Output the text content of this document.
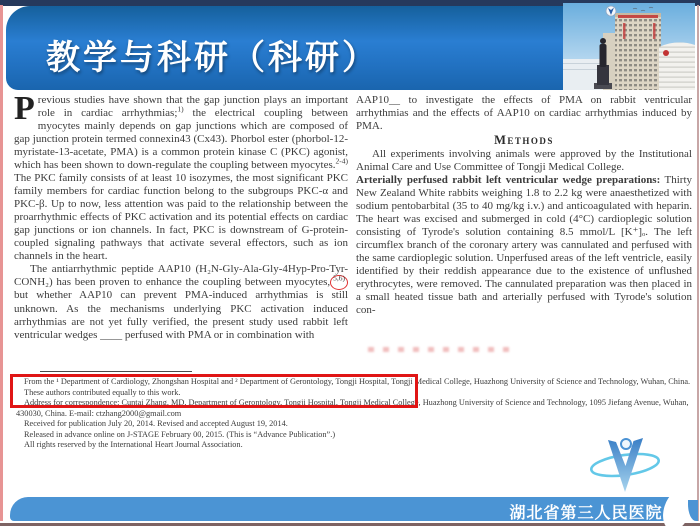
教学与科研（科研）

Previous studies have shown that the gap junction plays an important role in cardiac arrhythmias;$^{1)}$ the electrical coupling between myocytes mainly depends on gap junctions which are composed of gap junction protein termed connexin43 (Cx43). Phorbol ester (phorbol-12-myristate-13-acetate, PMA) is a common protein kinase C (PKC) agonist, which has been shown to down-regulate the coupling between myocytes.$^{2-4)}$ The PKC family consists of at least 10 isozymes, the most significant PKC family members for cardiac function belong to the subgroups PKC-α and PKC-β. Up to now, less attention was paid to the relationship between the proarrhythmic effects of PKC activation and its potential effects on cardiac gap junctions or ion channels. In fact, PKC is downstream of G-protein-coupled signaling pathways that activate several effectors, such as ion channels in the heart.

The antiarrhythmic peptide AAP10 (H₂N-Gly-Ala-Gly-4Hyp-Pro-Tyr-CONH₂) has been proven to enhance the coupling between myocytes, $^{5,6)}$ but whether AAP10 can prevent PMA-induced arrhythmias is still unknown. As the mechanisms underlying PKC activation induced arrhythmias are not yet fully verified, the present study used rabbit left ventricular wedges ____ perfused with PMA or in combination with

AAP10__ to investigate the effects of PMA on rabbit ventricular arrhythmias and the effects of AAP10 on cardiac arrhythmias induced by PMA.

Methods

All experiments involving animals were approved by the Institutional Animal Care and Use Committee of Tongji Medical College.

Arterially perfused rabbit left ventricular wedge preparations: Thirty New Zealand White rabbits weighing 1.8 to 2.2 kg were anaesthetized with sodium pentobarbital (35 to 40 mg/kg i.v.) and anticoagulated with heparin. The heart was excised and submerged in cold (4°C) cardioplegic solution consisting of Tyrode's solution containing 8.5 mmol/L [K⁺]ₒ. The left circumflex branch of the coronary artery was cannulated and perfused with the same cardioplegic solution. Unperfused areas of the left ventricle, easily identified by their reddish appearance due to the existence of unflushed erythrocytes, were removed. The cannulated preparation was then placed in a small heated tissue bath and arterially perfused with Tyrode's solution con-

From the ¹ Department of Cardiology, Zhongshan Hospital and ² Department of Gerontology, Tongji Hospital, Tongji Medical College, Huazhong University of Science and Technology, Wuhan, China.

These authors contributed equally to this work.

Address for correspondence: Cuntai Zhang, MD, Department of Gerontology, Tongji Hospital, Tongji Medical College, Huazhong University of Science and Technology, 1095 Jiefang Avenue, Wuhan, 430030, China. E-mail: ctzhang2000@gmail.com

Received for publication July 20, 2014. Revised and accepted August 19, 2014.

Released in advance online on J-STAGE February 00, 2015. (This is “Advance Publication”.)

All rights reserved by the International Heart Journal Association.

湖北省第三人民医院
